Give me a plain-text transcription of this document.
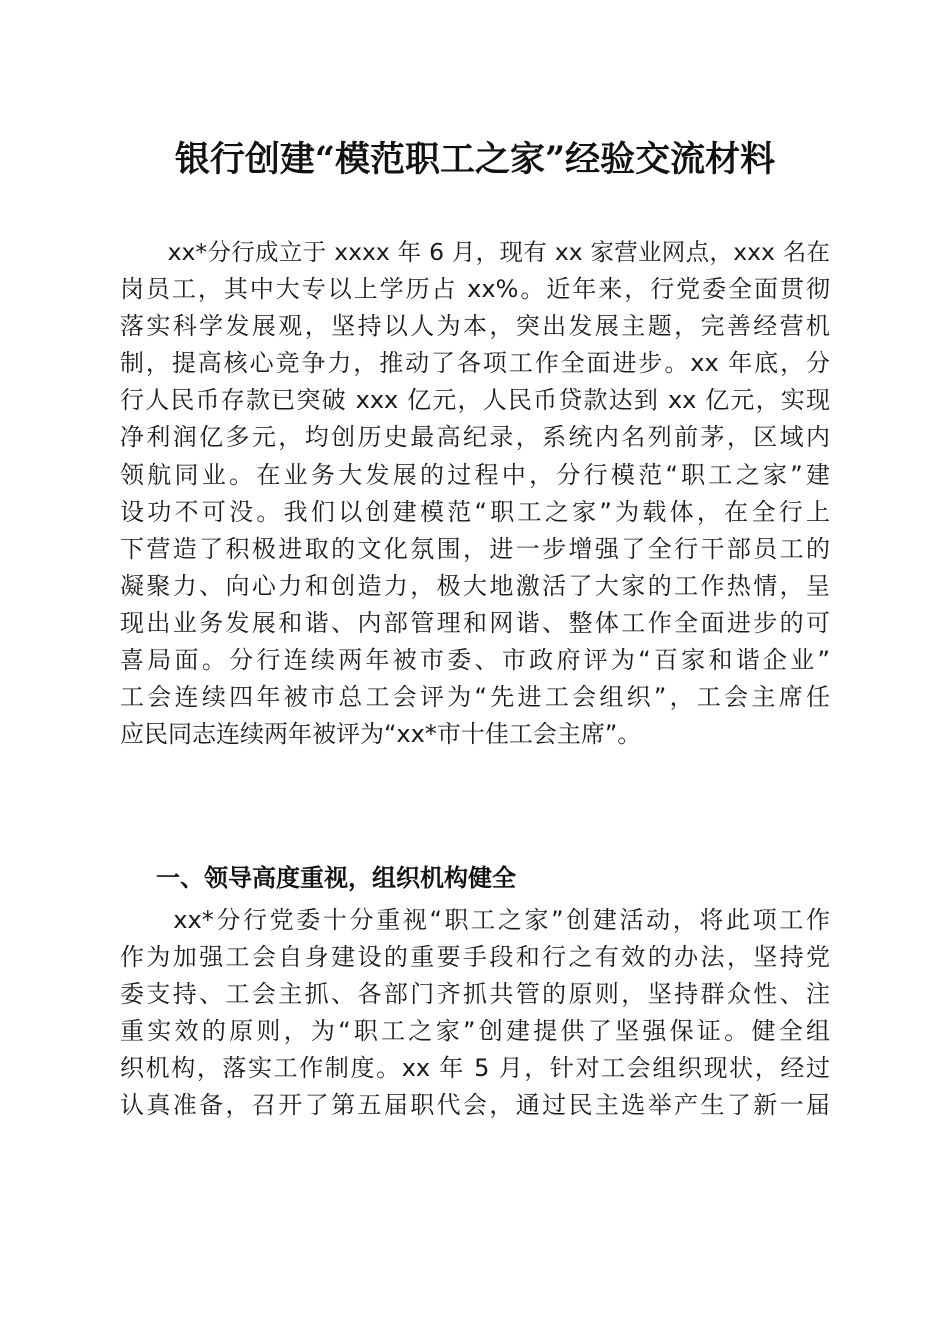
银行创建“模范职工之家”经验交流材料
　　xx*分行成立于 xxxx 年 6 月，现有 xx 家营业网点，xxx 名在
岗员工，其中大专以上学历占 xx%。近年来，行党委全面贯彻
落实科学发展观，坚持以人为本，突出发展主题，完善经营机
制，提高核心竞争力，推动了各项工作全面进步。xx 年底，分
行人民币存款已突破 xxx 亿元，人民币贷款达到 xx 亿元，实现
净利润亿多元，均创历史最高纪录，系统内名列前茅，区域内
领航同业。在业务大发展的过程中，分行模范“职工之家”建
设功不可没。我们以创建模范“职工之家”为载体，在全行上
下营造了积极进取的文化氛围，进一步增强了全行干部员工的
凝聚力、向心力和创造力，极大地激活了大家的工作热情，呈
现出业务发展和谐、内部管理和网谐、整体工作全面进步的可
喜局面。分行连续两年被市委、市政府评为“百家和谐企业”
工会连续四年被市总工会评为“先进工会组织”，工会主席任
应民同志连续两年被评为“xx*市十佳工会主席”。
一、领导高度重视，组织机构健全
　　xx*分行党委十分重视“职工之家”创建活动，将此项工作
作为加强工会自身建设的重要手段和行之有效的办法，坚持党
委支持、工会主抓、各部门齐抓共管的原则，坚持群众性、注
重实效的原则，为“职工之家”创建提供了坚强保证。健全组
织机构，落实工作制度。xx 年 5 月，针对工会组织现状，经过
认真准备，召开了第五届职代会，通过民主选举产生了新一届
